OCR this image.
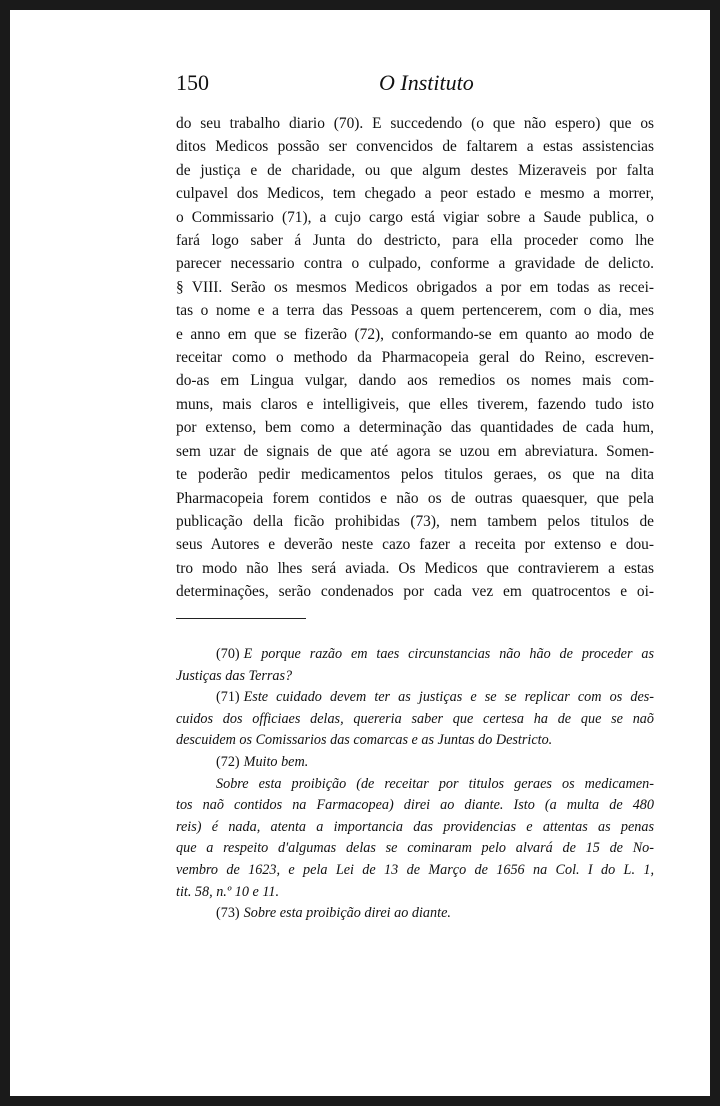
150	O Instituto
do seu trabalho diario (70). E succedendo (o que não espero) que os
ditos Medicos possão ser convencidos de faltarem a estas assistencias
de justiça e de charidade, ou que algum destes Mizeraveis por falta
culpavel dos Medicos, tem chegado a peor estado e mesmo a morrer,
o Commissario (71), a cujo cargo está vigiar sobre a Saude publica, o
fará logo saber á Junta do destricto, para ella proceder como lhe
parecer necessario contra o culpado, conforme a gravidade de delicto.
§ VIII. Serão os mesmos Medicos obrigados a por em todas as recei-
tas o nome e a terra das Pessoas a quem pertencerem, com o dia, mes
e anno em que se fizerão (72), conformando-se em quanto ao modo de
receitar como o methodo da Pharmacopeia geral do Reino, escreven-
do-as em Lingua vulgar, dando aos remedios os nomes mais com-
muns, mais claros e intelligiveis, que elles tiverem, fazendo tudo isto
por extenso, bem como a determinação das quantidades de cada hum,
sem uzar de signais de que até agora se uzou em abreviatura. Somen-
te poderão pedir medicamentos pelos titulos geraes, os que na dita
Pharmacopeia forem contidos e não os de outras quaesquer, que pela
publicação della ficão prohibidas (73), nem tambem pelos titulos de
seus Autores e deverão neste cazo fazer a receita por extenso e dou-
tro modo não lhes será aviada. Os Medicos que contravierem a estas
determinações, serão condenados por cada vez em quatrocentos e oi-
(70) E porque razão em taes circunstancias não hão de proceder as
Justiças das Terras?
(71) Este cuidado devem ter as justiças e se se replicar com os des-
cuidos dos officiaes delas, quereria saber que certesa ha de que se naõ
descuidem os Comissarios das comarcas e as Juntas do Destricto.
(72) Muito bem.
Sobre esta proibição (de receitar por titulos geraes os medicamen-
tos naõ contidos na Farmacopea) direi ao diante. Isto (a multa de 480
reis) é nada, atenta a importancia das providencias e attentas as penas
que a respeito d'algumas delas se cominaram pelo alvará de 15 de No-
vembro de 1623, e pela Lei de 13 de Março de 1656 na Col. I do L. 1,
tit. 58, n.º 10 e 11.
(73) Sobre esta proibição direi ao diante.
